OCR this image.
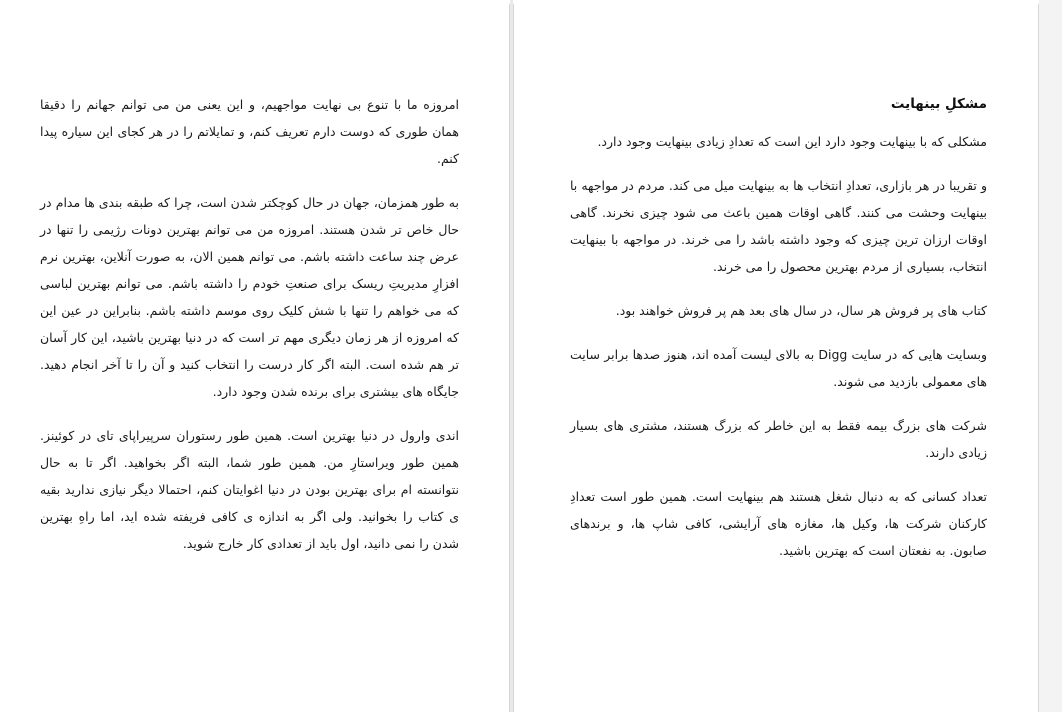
امروزه ما با تنوع بی نهایت مواجهیم، و این یعنی من می توانم جهانم را دقیقا همان طوری که دوست دارم تعریف کنم، و تمایلاتم را در هر کجای این سیاره پیدا کنم.

به طور همزمان، جهان در حال کوچکتر شدن است، چرا که طبقه بندی ها مدام در حال خاص تر شدن هستند. امروزه من می توانم بهترین دونات رژیمی را تنها در عرض چند ساعت داشته باشم. می توانم همین الان، به صورت آنلاین، بهترین نرم افزارِ مدیریتِ ریسک برای صنعتِ خودم را داشته باشم. می توانم بهترین لباسی که می خواهم را تنها با شش کلیک روی موسم داشته باشم. بنابراین در عین این که امروزه از هر زمان دیگری مهم تر است که در دنیا بهترین باشید، این کار آسان تر هم شده است. البته اگر کار درست را انتخاب کنید و آن را تا آخر انجام دهید. جایگاه های بیشتری برای برنده شدن وجود دارد.

اندی وارول در دنیا بهترین است. همین طور رستوران سرپیراپای تای در کوئینز. همین طور ویراستارِ من. همین طور شما، البته اگر بخواهید. اگر تا به حال نتوانسته ام برای بهترین بودن در دنیا اغوایتان کنم، احتمالا دیگر نیازی ندارید بقیه ی کتاب را بخوانید. ولی اگر به اندازه ی کافی فریفته شده اید، اما راهِ بهترین شدن را نمی دانید، اول باید از تعدادی کار خارج شوید.

مشکلِ بینهایت

مشکلی که با بینهایت وجود دارد این است که تعدادِ زیادی بینهایت وجود دارد.

و تقریبا در هر بازاری، تعدادِ انتخاب ها به بینهایت میل می کند. مردم در مواجهه با بینهایت وحشت می کنند. گاهی اوقات همین باعث می شود چیزی نخرند. گاهی اوقات ارزان ترین چیزی که وجود داشته باشد را می خرند. در مواجهه با بینهایت انتخاب، بسیاری از مردم بهترین محصول را می خرند.

کتاب های پر فروش هر سال، در سال های بعد هم پر فروش خواهند بود.

وبسایت هایی که در سایت Digg به بالای لیست آمده اند، هنوز صدها برابر سایت های معمولی بازدید می شوند.

شرکت های بزرگ بیمه فقط به این خاطر که بزرگ هستند، مشتری های بسیار زیادی دارند.

تعداد کسانی که به دنبال شغل هستند هم بینهایت است. همین طور است تعدادِ کارکنان شرکت ها، وکیل ها، مغازه های آرایشی، کافی شاپ ها، و برندهای صابون. به نفعتان است که بهترین باشید.
